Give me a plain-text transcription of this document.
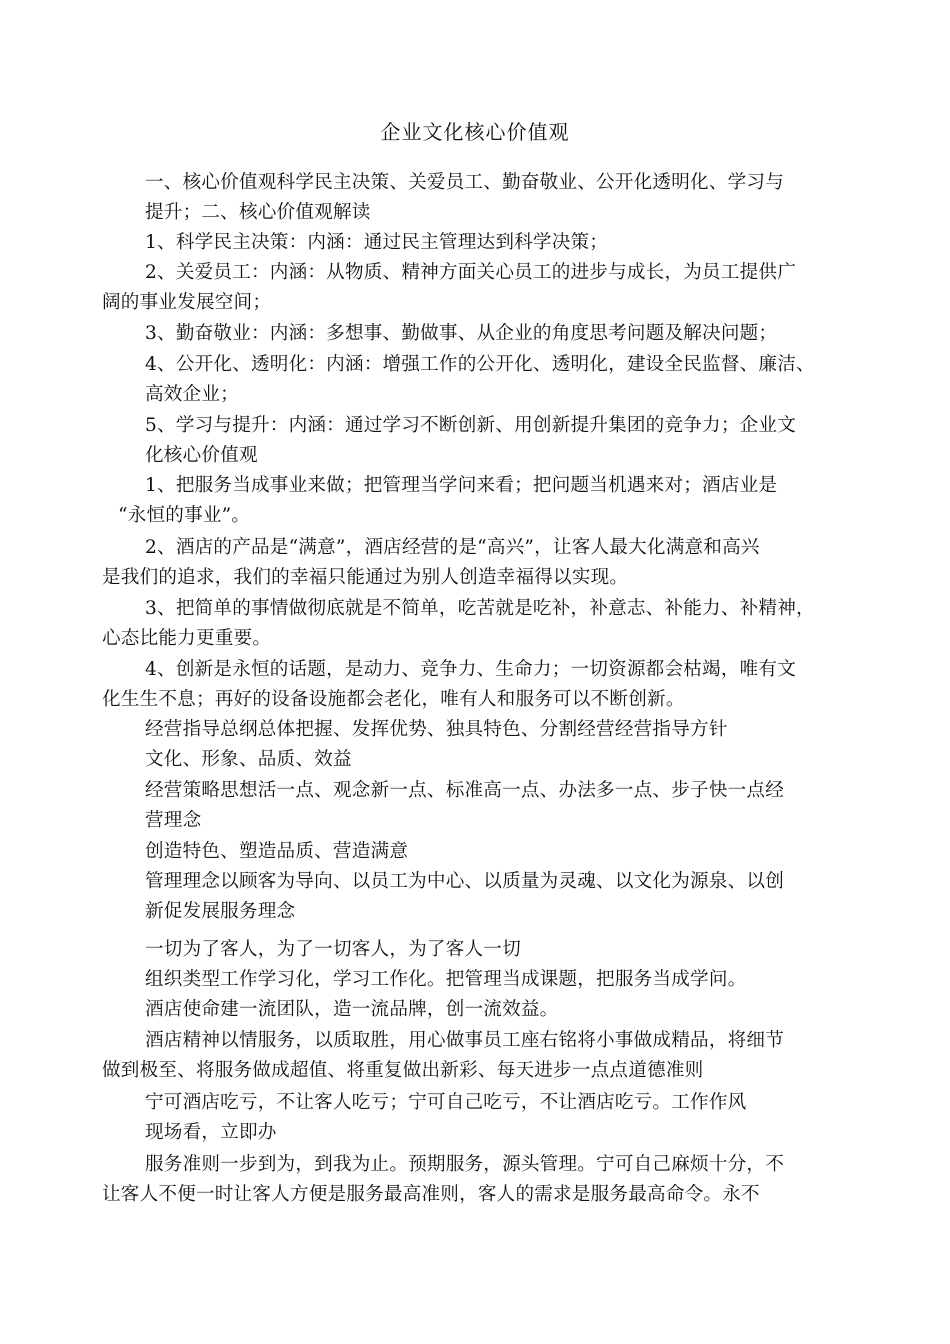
企业文化核心价值观
一、核心价值观科学民主决策、关爱员工、勤奋敬业、公开化透明化、学习与
提升；二、核心价值观解读
1、科学民主决策：内涵：通过民主管理达到科学决策；
2、关爱员工：内涵：从物质、精神方面关心员工的进步与成长，为员工提供广
阔的事业发展空间；
3、勤奋敬业：内涵：多想事、勤做事、从企业的角度思考问题及解决问题；
4、公开化、透明化：内涵：增强工作的公开化、透明化，建设全民监督、廉洁、
高效企业；
5、学习与提升：内涵：通过学习不断创新、用创新提升集团的竞争力；企业文
化核心价值观
1、把服务当成事业来做；把管理当学问来看；把问题当机遇来对；酒店业是
“永恒的事业”。
2、酒店的产品是“满意”，酒店经营的是“高兴”，让客人最大化满意和高兴
是我们的追求，我们的幸福只能通过为别人创造幸福得以实现。
3、把简单的事情做彻底就是不简单，吃苦就是吃补，补意志、补能力、补精神，
心态比能力更重要。
4、创新是永恒的话题，是动力、竞争力、生命力；一切资源都会枯竭，唯有文
化生生不息；再好的设备设施都会老化，唯有人和服务可以不断创新。
经营指导总纲总体把握、发挥优势、独具特色、分割经营经营指导方针
文化、形象、品质、效益
经营策略思想活一点、观念新一点、标准高一点、办法多一点、步子快一点经
营理念
创造特色、塑造品质、营造满意
管理理念以顾客为导向、以员工为中心、以质量为灵魂、以文化为源泉、以创
新促发展服务理念
一切为了客人，为了一切客人，为了客人一切
组织类型工作学习化，学习工作化。把管理当成课题，把服务当成学问。
酒店使命建一流团队，造一流品牌，创一流效益。
酒店精神以情服务，以质取胜，用心做事员工座右铭将小事做成精品，将细节
做到极至、将服务做成超值、将重复做出新彩、每天进步一点点道德准则
宁可酒店吃亏，不让客人吃亏；宁可自己吃亏，不让酒店吃亏。工作作风
现场看，立即办
服务准则一步到为，到我为止。预期服务，源头管理。宁可自己麻烦十分，不
让客人不便一时让客人方便是服务最高准则，客人的需求是服务最高命令。永不
